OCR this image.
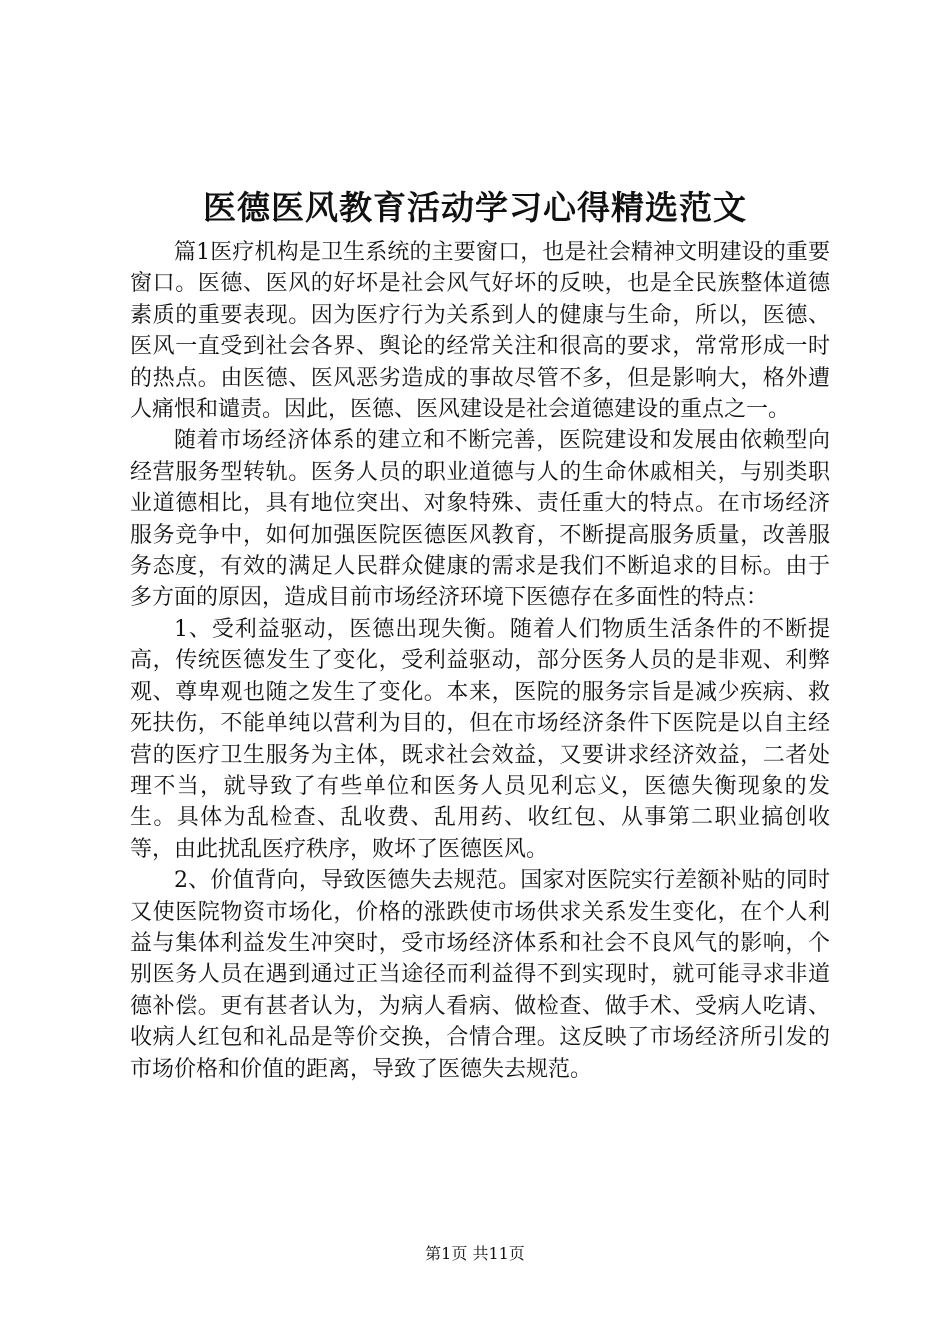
医德医风教育活动学习心得精选范文

篇1医疗机构是卫生系统的主要窗口，也是社会精神文明建设的重要窗口。医德、医风的好坏是社会风气好坏的反映，也是全民族整体道德素质的重要表现。因为医疗行为关系到人的健康与生命，所以，医德、医风一直受到社会各界、舆论的经常关注和很高的要求，常常形成一时的热点。由医德、医风恶劣造成的事故尽管不多，但是影响大，格外遭人痛恨和谴责。因此，医德、医风建设是社会道德建设的重点之一。

随着市场经济体系的建立和不断完善，医院建设和发展由依赖型向经营服务型转轨。医务人员的职业道德与人的生命休戚相关，与别类职业道德相比，具有地位突出、对象特殊、责任重大的特点。在市场经济服务竞争中，如何加强医院医德医风教育，不断提高服务质量，改善服务态度，有效的满足人民群众健康的需求是我们不断追求的目标。由于多方面的原因，造成目前市场经济环境下医德存在多面性的特点：

1、受利益驱动，医德出现失衡。随着人们物质生活条件的不断提高，传统医德发生了变化，受利益驱动，部分医务人员的是非观、利弊观、尊卑观也随之发生了变化。本来，医院的服务宗旨是减少疾病、救死扶伤，不能单纯以营利为目的，但在市场经济条件下医院是以自主经营的医疗卫生服务为主体，既求社会效益，又要讲求经济效益，二者处理不当，就导致了有些单位和医务人员见利忘义，医德失衡现象的发生。具体为乱检查、乱收费、乱用药、收红包、从事第二职业搞创收等，由此扰乱医疗秩序，败坏了医德医风。

2、价值背向，导致医德失去规范。国家对医院实行差额补贴的同时又使医院物资市场化，价格的涨跌使市场供求关系发生变化，在个人利益与集体利益发生冲突时，受市场经济体系和社会不良风气的影响，个别医务人员在遇到通过正当途径而利益得不到实现时，就可能寻求非道德补偿。更有甚者认为，为病人看病、做检查、做手术、受病人吃请、收病人红包和礼品是等价交换，合情合理。这反映了市场经济所引发的市场价格和价值的距离，导致了医德失去规范。

第1页 共11页
